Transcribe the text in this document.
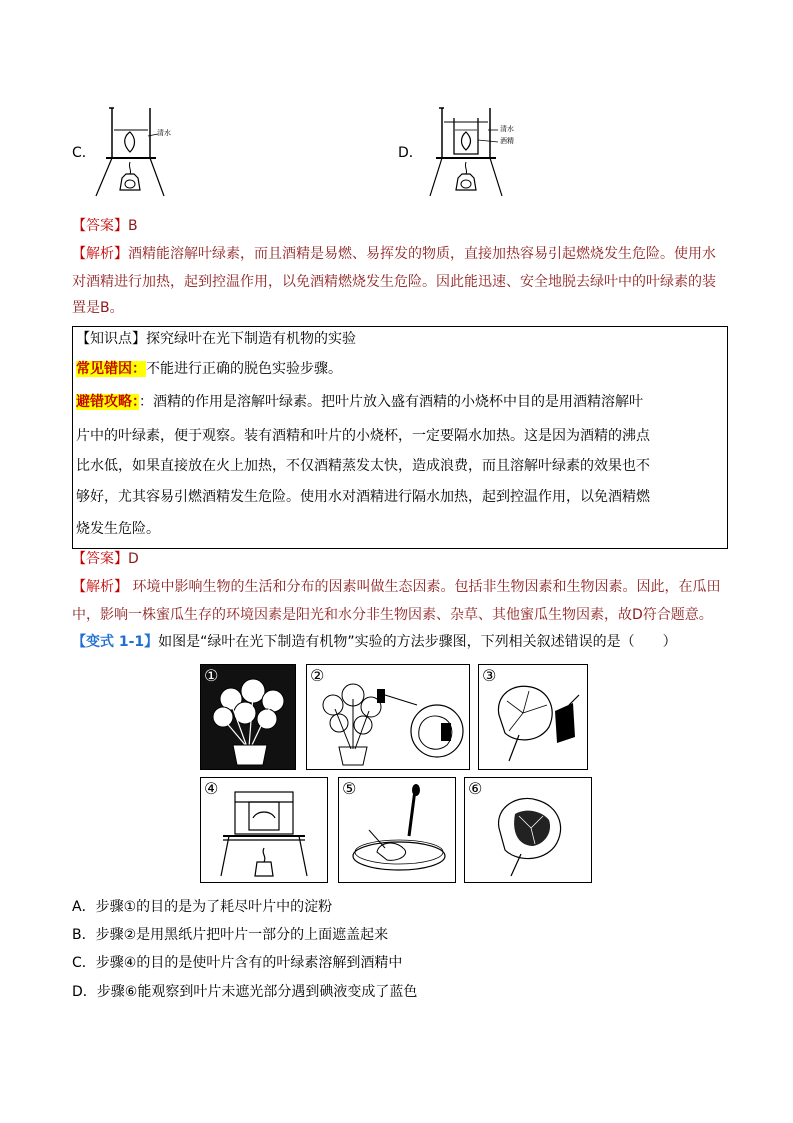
C．
清水
D．
清水
酒精
【答案】B
【解析】酒精能溶解叶绿素，而且酒精是易燃、易挥发的物质，直接加热容易引起燃烧发生危险。使用水
对酒精进行加热，起到控温作用，以免酒精燃烧发生危险。因此能迅速、安全地脱去绿叶中的叶绿素的装
置是B。
【知识点】探究绿叶在光下制造有机物的实验
常见错因：不能进行正确的脱色实验步骤。
避错攻略：：酒精的作用是溶解叶绿素。把叶片放入盛有酒精的小烧杯中目的是用酒精溶解叶
片中的叶绿素，便于观察。装有酒精和叶片的小烧杯，一定要隔水加热。这是因为酒精的沸点
比水低，如果直接放在火上加热，不仅酒精蒸发太快，造成浪费，而且溶解叶绿素的效果也不
够好，尤其容易引燃酒精发生危险。使用水对酒精进行隔水加热，起到控温作用，以免酒精燃
烧发生危险。
【答案】D
【解析】 环境中影响生物的生活和分布的因素叫做生态因素。包括非生物因素和生物因素。因此，在瓜田
中，影响一株蜜瓜生存的环境因素是阳光和水分非生物因素、杂草、其他蜜瓜生物因素，故D符合题意。
【变式 1-1】如图是“绿叶在光下制造有机物”实验的方法步骤图，下列相关叙述错误的是（　　）
①	②	③
④	⑤	⑥
A．步骤①的目的是为了耗尽叶片中的淀粉
B．步骤②是用黑纸片把叶片一部分的上面遮盖起来
C．步骤④的目的是使叶片含有的叶绿素溶解到酒精中
D．步骤⑥能观察到叶片未遮光部分遇到碘液变成了蓝色
